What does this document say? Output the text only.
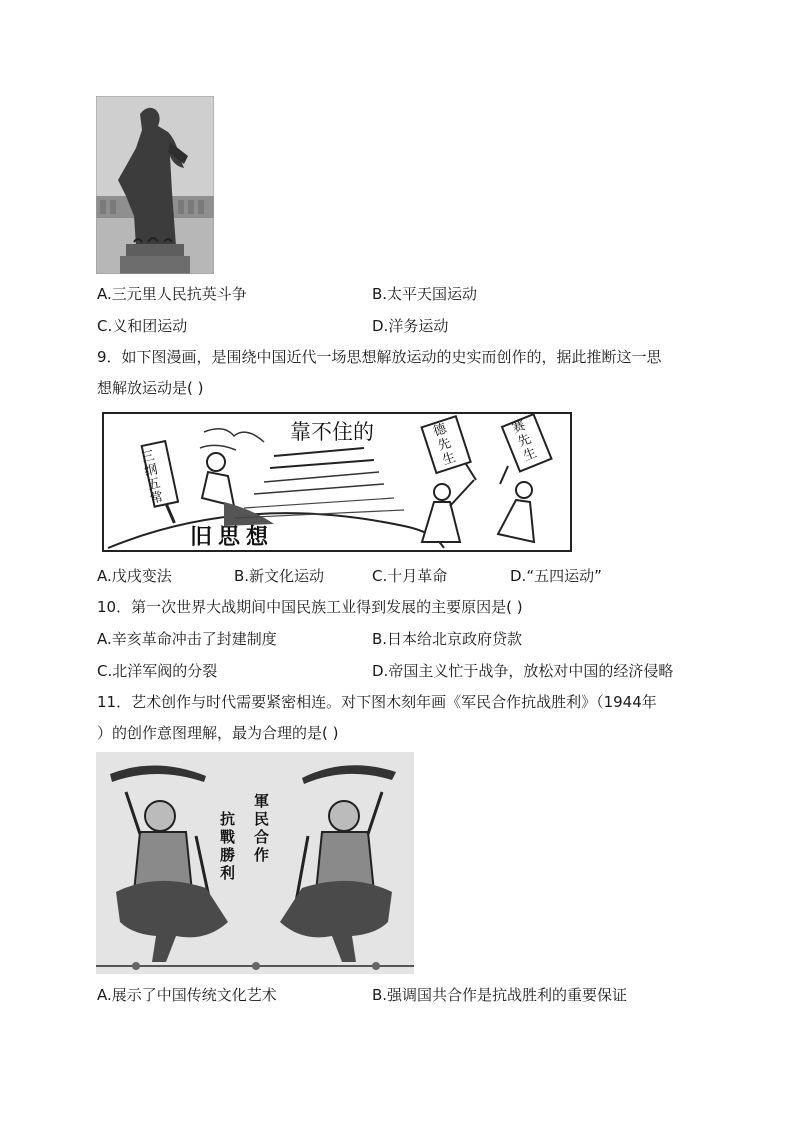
A.三元里人民抗英斗争	B.太平天国运动
C.义和团运动	D.洋务运动
9．如下图漫画，是围绕中国近代一场思想解放运动的史实而创作的，据此推断这一思
想解放运动是( )
靠不住的
三纲五常
旧思想
德先生
赛先生
A.戊戌变法	B.新文化运动	C.十月革命	D.“五四运动”
10．第一次世界大战期间中国民族工业得到发展的主要原因是( )
A.辛亥革命冲击了封建制度	B.日本给北京政府贷款
C.北洋军阀的分裂	D.帝国主义忙于战争，放松对中国的经济侵略
11．艺术创作与时代需要紧密相连。对下图木刻年画《军民合作抗战胜利》（1944年
）的创作意图理解，最为合理的是( )
抗戰勝利
軍民合作
A.展示了中国传统文化艺术	B.强调国共合作是抗战胜利的重要保证
